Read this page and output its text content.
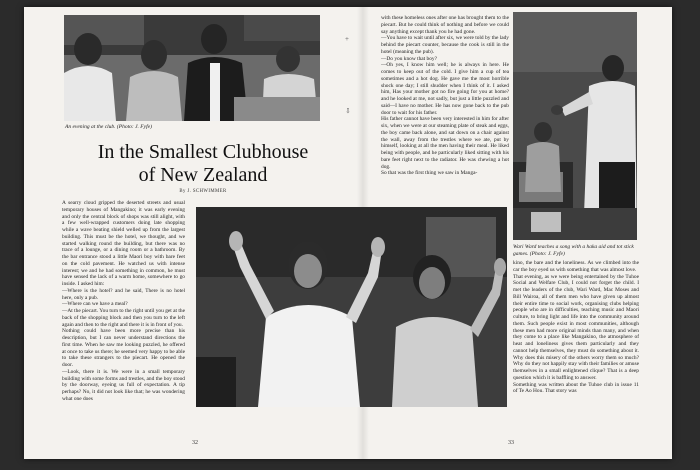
An evening at the club. (Photo: J. Fyfe)

+
⇩
In the Smallest Clubhouse
of New Zealand

By J. SCHWIMMER

A searry cloud gripped the deserted streets and usual temporary houses of Mangakino; it was early evening and only the central block of shops was still alight, with a few well-wrapped customers doing late shopping while a wave beating shield welled up from the largest building. This must be the hotel, we thought, and we started walking round the building, but there was no trace of a lounge, or a dining room or a bathroom. By the bar entrance stood a little Maori boy with bare feet on the cold pavement. He watched us with intense interest; we and he had something in common, he must have sensed the lack of a warm home, somewhere to go inside. I asked him:

—Where is the hotel? and he said, There is no hotel here, only a pub.

—Where can we have a meal?

—At the piecart. You turn to the right until you get at the back of the shopping block and then you turn to the left again and then to the right and there it is in front of you.

Nothing could have been more precise than his description, but I can never understand directions the first time. When he saw me looking puzzled, he offered at once to take us there; he seemed very happy to be able to take these strangers to the piecart. He opened the door.

—Look, there it is. We were in a small temporary building with some forms and trestles, and the boy stood by the doorway, eyeing us full of expectation. A tip perhaps? No, it did not look like that; he was wondering what one does

with these homeless ones after one has brought them to the piecart. But he could think of nothing and before we could say anything except thank you he had gone.

—You have to wait until after six, we were told by the lady behind the piecart counter, because the cook is still in the hotel (meaning the pub).

—Do you know that boy?

—Oh yes, I know him well; he is always in here. He comes to keep out of the cold. I give him a cup of tea sometimes and a hot dog. He gave me the most horrible shock one day; I still shudder when I think of it. I asked him, Has your mother got no fire going for you at home? and he looked at me, not sadly, but just a little puzzled and said—I have no mother. He has now gone back to the pub door to wait for his father.

His father cannot have been very interested in him for after six, when we were at our steaming plate of steak and eggs, the boy came back alone, and sat down on a chair against the wall, away from the trestles where we ate, put by himself, looking at all the men having their meal. He liked being with people, and he particularly liked sitting with his bare feet right next to the radiator. He was chewing a hot dog.

So that was the first thing we saw in Manga-

Wari Ward teaches a song with a haka aid and tot stick games. (Photo: J. Fyfe)

kino, the bare and the loneliness. As we climbed into the car the boy eyed us with something that was almost love.

That evening, as we were being entertained by the Tuhoe Social and Welfare Club, I could not forget the child. I met the leaders of the club, Wari Ward, Mac Moses and Bill Wairoa, all of them men who have given up almost their entire time to social work, organising clubs helping people who are in difficulties, teaching music and Maori culture, to bring light and life into the community around them. Such people exist in most communities, although these men had more original minds than many, and when they come to a place like Mangakino, the atmosphere of heat and loneliness gives them particularly and they cannot help themselves, they must do something about it. Why does this misery of the others worry them so much? Why do they not happily stay with their families or amuse themselves in a small enlightened clique? That is a deep question which it is baffling to answer.

Something was written about the Tuhoe club in issue 11 of Te Ao Hou. That story was

32	33
